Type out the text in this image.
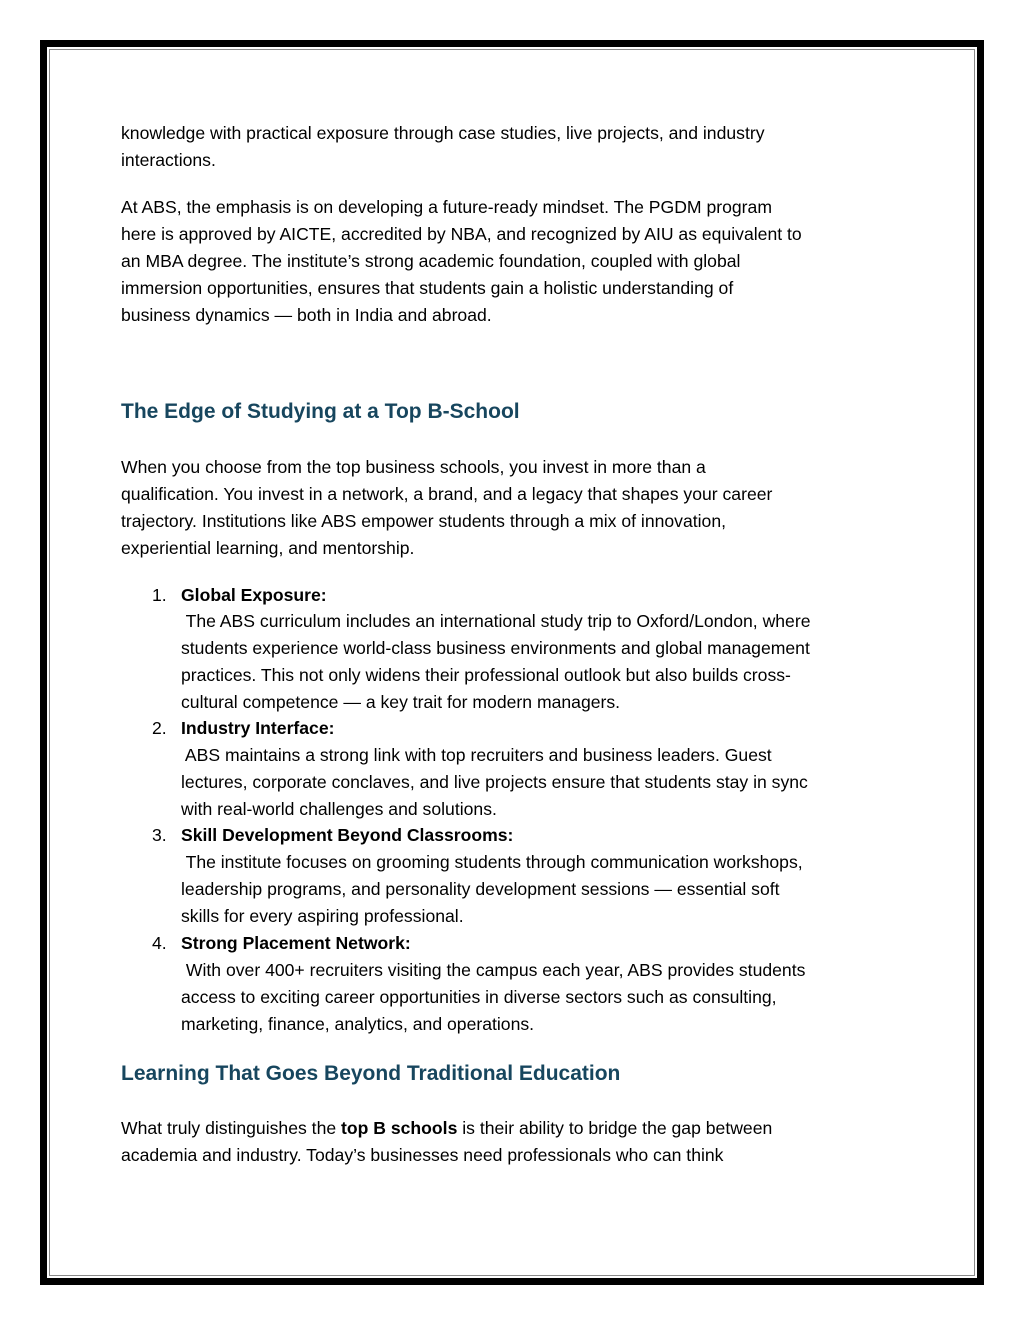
knowledge with practical exposure through case studies, live projects, and industry
interactions.
At ABS, the emphasis is on developing a future-ready mindset. The PGDM program
here is approved by AICTE, accredited by NBA, and recognized by AIU as equivalent to
an MBA degree. The institute’s strong academic foundation, coupled with global
immersion opportunities, ensures that students gain a holistic understanding of
business dynamics — both in India and abroad.
The Edge of Studying at a Top B-School
When you choose from the top business schools, you invest in more than a
qualification. You invest in a network, a brand, and a legacy that shapes your career
trajectory. Institutions like ABS empower students through a mix of innovation,
experiential learning, and mentorship.
1. Global Exposure:
The ABS curriculum includes an international study trip to Oxford/London, where
students experience world-class business environments and global management
practices. This not only widens their professional outlook but also builds cross-
cultural competence — a key trait for modern managers.
2. Industry Interface:
ABS maintains a strong link with top recruiters and business leaders. Guest
lectures, corporate conclaves, and live projects ensure that students stay in sync
with real-world challenges and solutions.
3. Skill Development Beyond Classrooms:
The institute focuses on grooming students through communication workshops,
leadership programs, and personality development sessions — essential soft
skills for every aspiring professional.
4. Strong Placement Network:
With over 400+ recruiters visiting the campus each year, ABS provides students
access to exciting career opportunities in diverse sectors such as consulting,
marketing, finance, analytics, and operations.
Learning That Goes Beyond Traditional Education
What truly distinguishes the top B schools is their ability to bridge the gap between
academia and industry. Today’s businesses need professionals who can think
